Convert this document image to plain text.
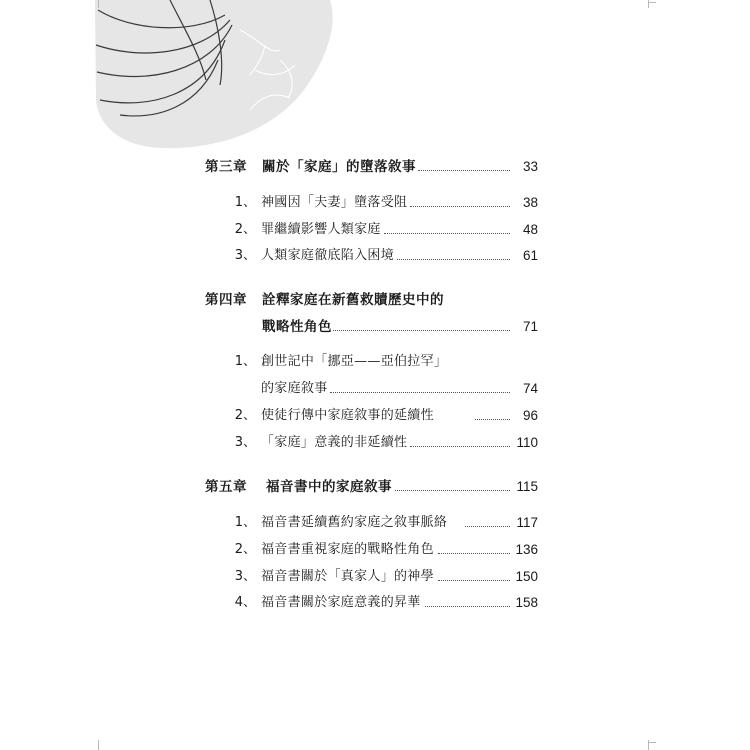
第三章 關於「家庭」的墮落敘事	33
1、 神國因「夫妻」墮落受阻	38
2、 罪繼續影響人類家庭	48
3、 人類家庭徹底陷入困境	61
第四章 詮釋家庭在新舊救贖歷史中的
戰略性角色	71
1、 創世記中「挪亞——亞伯拉罕」
的家庭敘事	74
2、 使徒行傳中家庭敘事的延續性	96
3、 「家庭」意義的非延續性	110
第五章 福音書中的家庭敘事	115
1、 福音書延續舊約家庭之敘事脈絡	117
2、 福音書重視家庭的戰略性角色	136
3、 福音書關於「真家人」的神學	150
4、 福音書關於家庭意義的昇華	158
